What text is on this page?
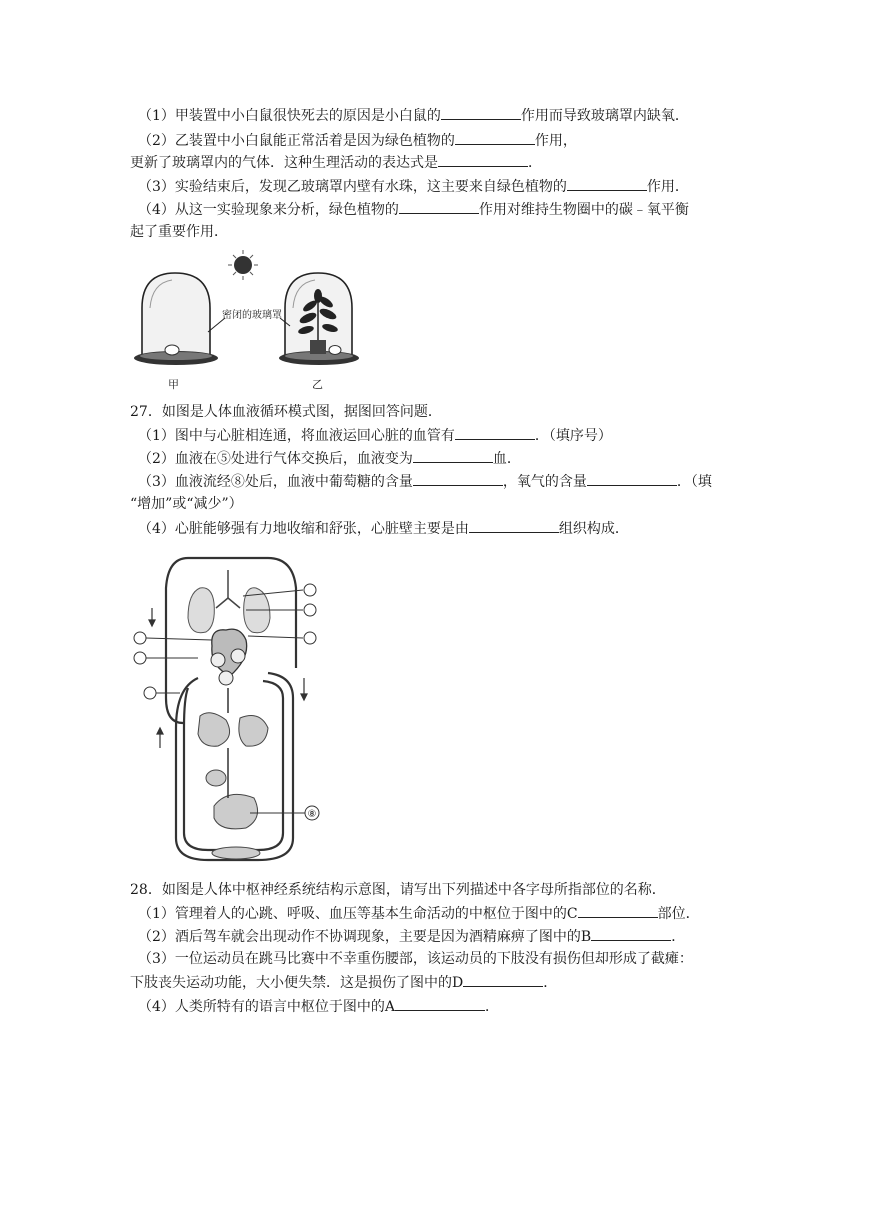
（1）甲装置中小白鼠很快死去的原因是小白鼠的	作用而导致玻璃罩内缺氧．
（2）乙装置中小白鼠能正常活着是因为绿色植物的	作用，
更新了玻璃罩内的气体．这种生理活动的表达式是	．
（3）实验结束后，发现乙玻璃罩内壁有水珠，这主要来自绿色植物的	作用．
（4）从这一实验现象来分析，绿色植物的	作用对维持生物圈中的碳﹣氧平衡
起了重要作用．
密闭的玻璃罩
甲	乙
27．如图是人体血液循环模式图，据图回答问题．
（1）图中与心脏相连通，将血液运回心脏的血管有	．（填序号）
（2）血液在⑤处进行气体交换后，血液变为	血．
（3）血液流经⑧处后，血液中葡萄糖的含量	，氧气的含量	．（填
“增加”或“减少”）
（4）心脏能够强有力地收缩和舒张，心脏壁主要是由	组织构成．
⑧
28．如图是人体中枢神经系统结构示意图，请写出下列描述中各字母所指部位的名称．
（1）管理着人的心跳、呼吸、血压等基本生命活动的中枢位于图中的C	部位．
（2）酒后驾车就会出现动作不协调现象，主要是因为酒精麻痹了图中的B	．
（3）一位运动员在跳马比赛中不幸重伤腰部，该运动员的下肢没有损伤但却形成了截瘫：
下肢丧失运动功能，大小便失禁．这是损伤了图中的D	．
（4）人类所特有的语言中枢位于图中的A	．
